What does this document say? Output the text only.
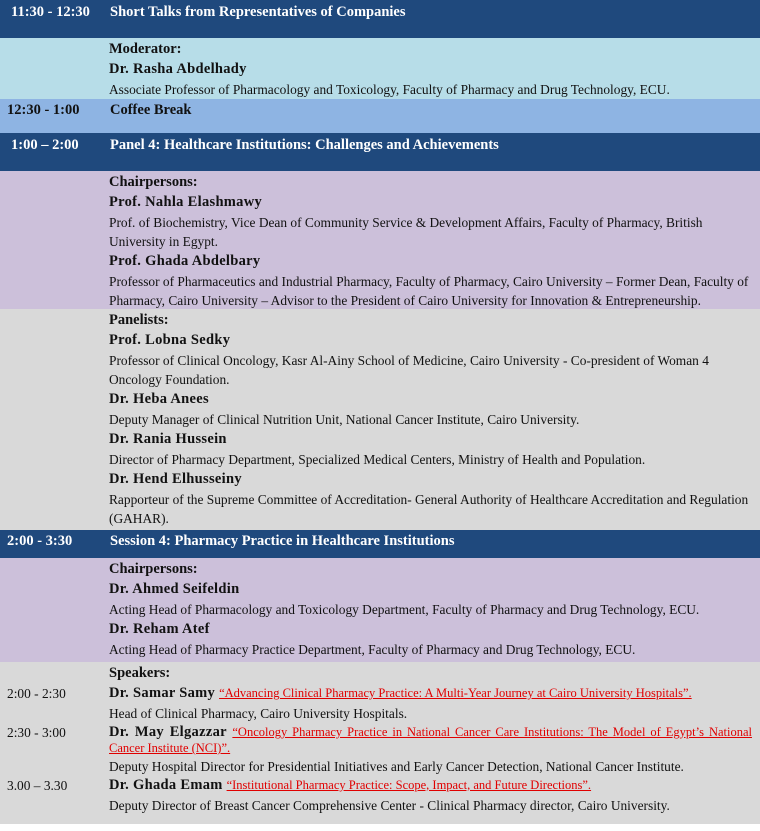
11:30 - 12:30 Short Talks from Representatives of Companies
Moderator:
Dr. Rasha Abdelhady
Associate Professor of Pharmacology and Toxicology, Faculty of Pharmacy and Drug Technology, ECU.
12:30 - 1:00 Coffee Break
1:00 – 2:00 Panel 4: Healthcare Institutions: Challenges and Achievements
Chairpersons:
Prof. Nahla Elashmawy
Prof. of Biochemistry, Vice Dean of Community Service & Development Affairs, Faculty of Pharmacy, British University in Egypt.
Prof. Ghada Abdelbary
Professor of Pharmaceutics and Industrial Pharmacy, Faculty of Pharmacy, Cairo University – Former Dean, Faculty of Pharmacy, Cairo University – Advisor to the President of Cairo University for Innovation & Entrepreneurship.
Panelists:
Prof. Lobna Sedky
Professor of Clinical Oncology, Kasr Al-Ainy School of Medicine, Cairo University - Co-president of Woman 4 Oncology Foundation.
Dr. Heba Anees
Deputy Manager of Clinical Nutrition Unit, National Cancer Institute, Cairo University.
Dr. Rania Hussein
Director of Pharmacy Department, Specialized Medical Centers, Ministry of Health and Population.
Dr. Hend Elhusseiny
Rapporteur of the Supreme Committee of Accreditation- General Authority of Healthcare Accreditation and Regulation (GAHAR).
2:00 - 3:30	Session 4: Pharmacy Practice in Healthcare Institutions
Chairpersons:
Dr. Ahmed Seifeldin
Acting Head of Pharmacology and Toxicology Department, Faculty of Pharmacy and Drug Technology, ECU.
Dr. Reham Atef
Acting Head of Pharmacy Practice Department, Faculty of Pharmacy and Drug Technology, ECU.
Speakers:
2:00 - 2:30	Dr. Samar Samy “Advancing Clinical Pharmacy Practice: A Multi-Year Journey at Cairo University Hospitals”.
Head of Clinical Pharmacy, Cairo University Hospitals.
2:30 - 3:00	Dr. May Elgazzar “Oncology Pharmacy Practice in National Cancer Care Institutions: The Model of Egypt’s National Cancer Institute (NCI)”.
Deputy Hospital Director for Presidential Initiatives and Early Cancer Detection, National Cancer Institute.
3.00 – 3.30	Dr. Ghada Emam “Institutional Pharmacy Practice: Scope, Impact, and Future Directions”.
Deputy Director of Breast Cancer Comprehensive Center - Clinical Pharmacy director, Cairo University.
